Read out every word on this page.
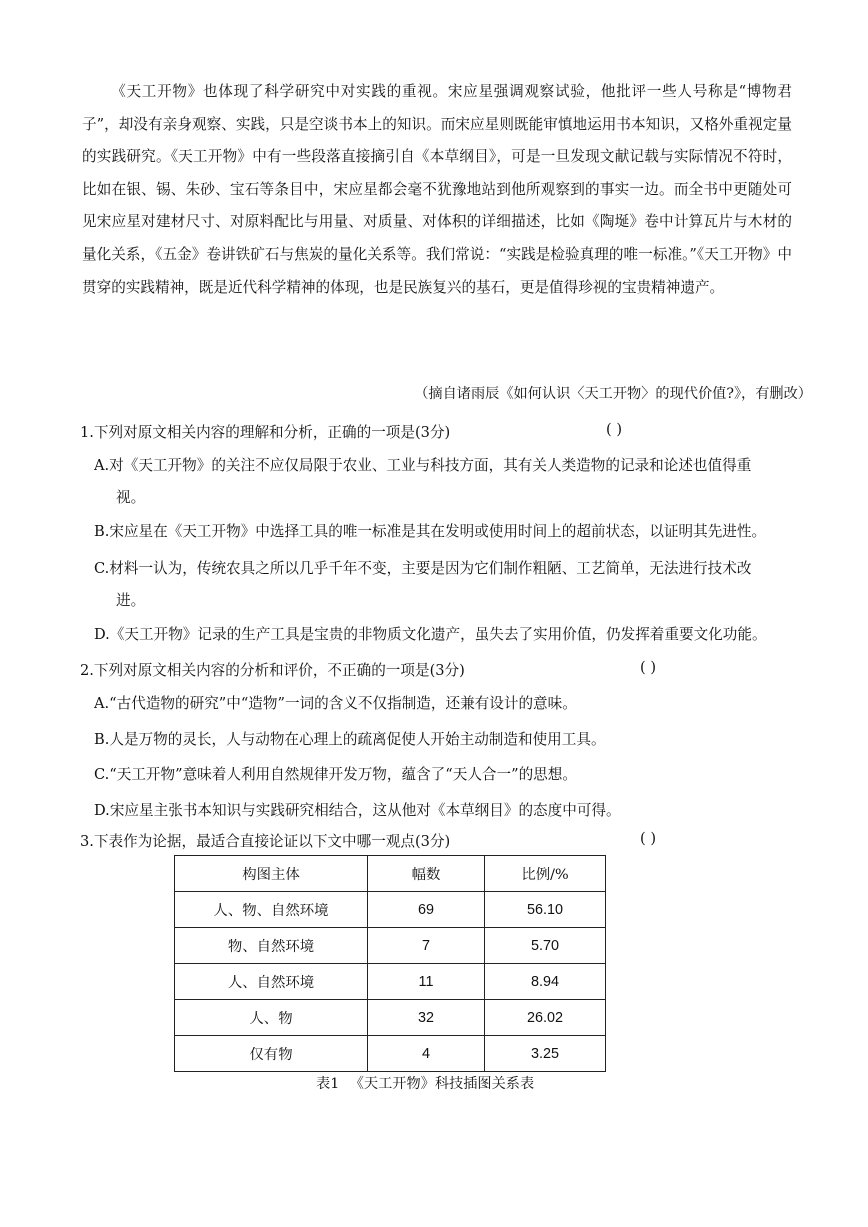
《天工开物》也体现了科学研究中对实践的重视。宋应星强调观察试验，他批评一些人号称是“博物君子”，却没有亲身观察、实践，只是空谈书本上的知识。而宋应星则既能审慎地运用书本知识，又格外重视定量的实践研究。《天工开物》中有一些段落直接摘引自《本草纲目》，可是一旦发现文献记载与实际情况不符时，比如在银、锡、朱砂、宝石等条目中，宋应星都会毫不犹豫地站到他所观察到的事实一边。而全书中更随处可见宋应星对建材尺寸、对原料配比与用量、对质量、对体积的详细描述，比如《陶埏》卷中计算瓦片与木材的量化关系，《五金》卷讲铁矿石与焦炭的量化关系等。我们常说：“实践是检验真理的唯一标准。”《天工开物》中贯穿的实践精神，既是近代科学精神的体现，也是民族复兴的基石，更是值得珍视的宝贵精神遗产。

（摘自诸雨辰《如何认识〈天工开物〉的现代价值?》，有删改）
1.下列对原文相关内容的理解和分析，正确的一项是(3分)	( )
A.对《天工开物》的关注不应仅局限于农业、工业与科技方面，其有关人类造物的记录和论述也值得重
视。
B.宋应星在《天工开物》中选择工具的唯一标准是其在发明或使用时间上的超前状态，以证明其先进性。
C.材料一认为，传统农具之所以几乎千年不变，主要是因为它们制作粗陋、工艺简单，无法进行技术改
进。
D.《天工开物》记录的生产工具是宝贵的非物质文化遗产，虽失去了实用价值，仍发挥着重要文化功能。
2.下列对原文相关内容的分析和评价，不正确的一项是(3分)	( )
A.“古代造物的研究”中“造物”一词的含义不仅指制造，还兼有设计的意味。
B.人是万物的灵长，人与动物在心理上的疏离促使人开始主动制造和使用工具。
C.“天工开物”意味着人利用自然规律开发万物，蕴含了“天人合一”的思想。
D.宋应星主张书本知识与实践研究相结合，这从他对《本草纲目》的态度中可得。
3.下表作为论据，最适合直接论证以下文中哪一观点(3分)	( )
构图主体	幅数	比例/%
人、物、自然环境	69	56.10
物、自然环境	7	5.70
人、自然环境	11	8.94
人、物	32	26.02
仅有物	4	3.25
表1 《天工开物》科技插图关系表
